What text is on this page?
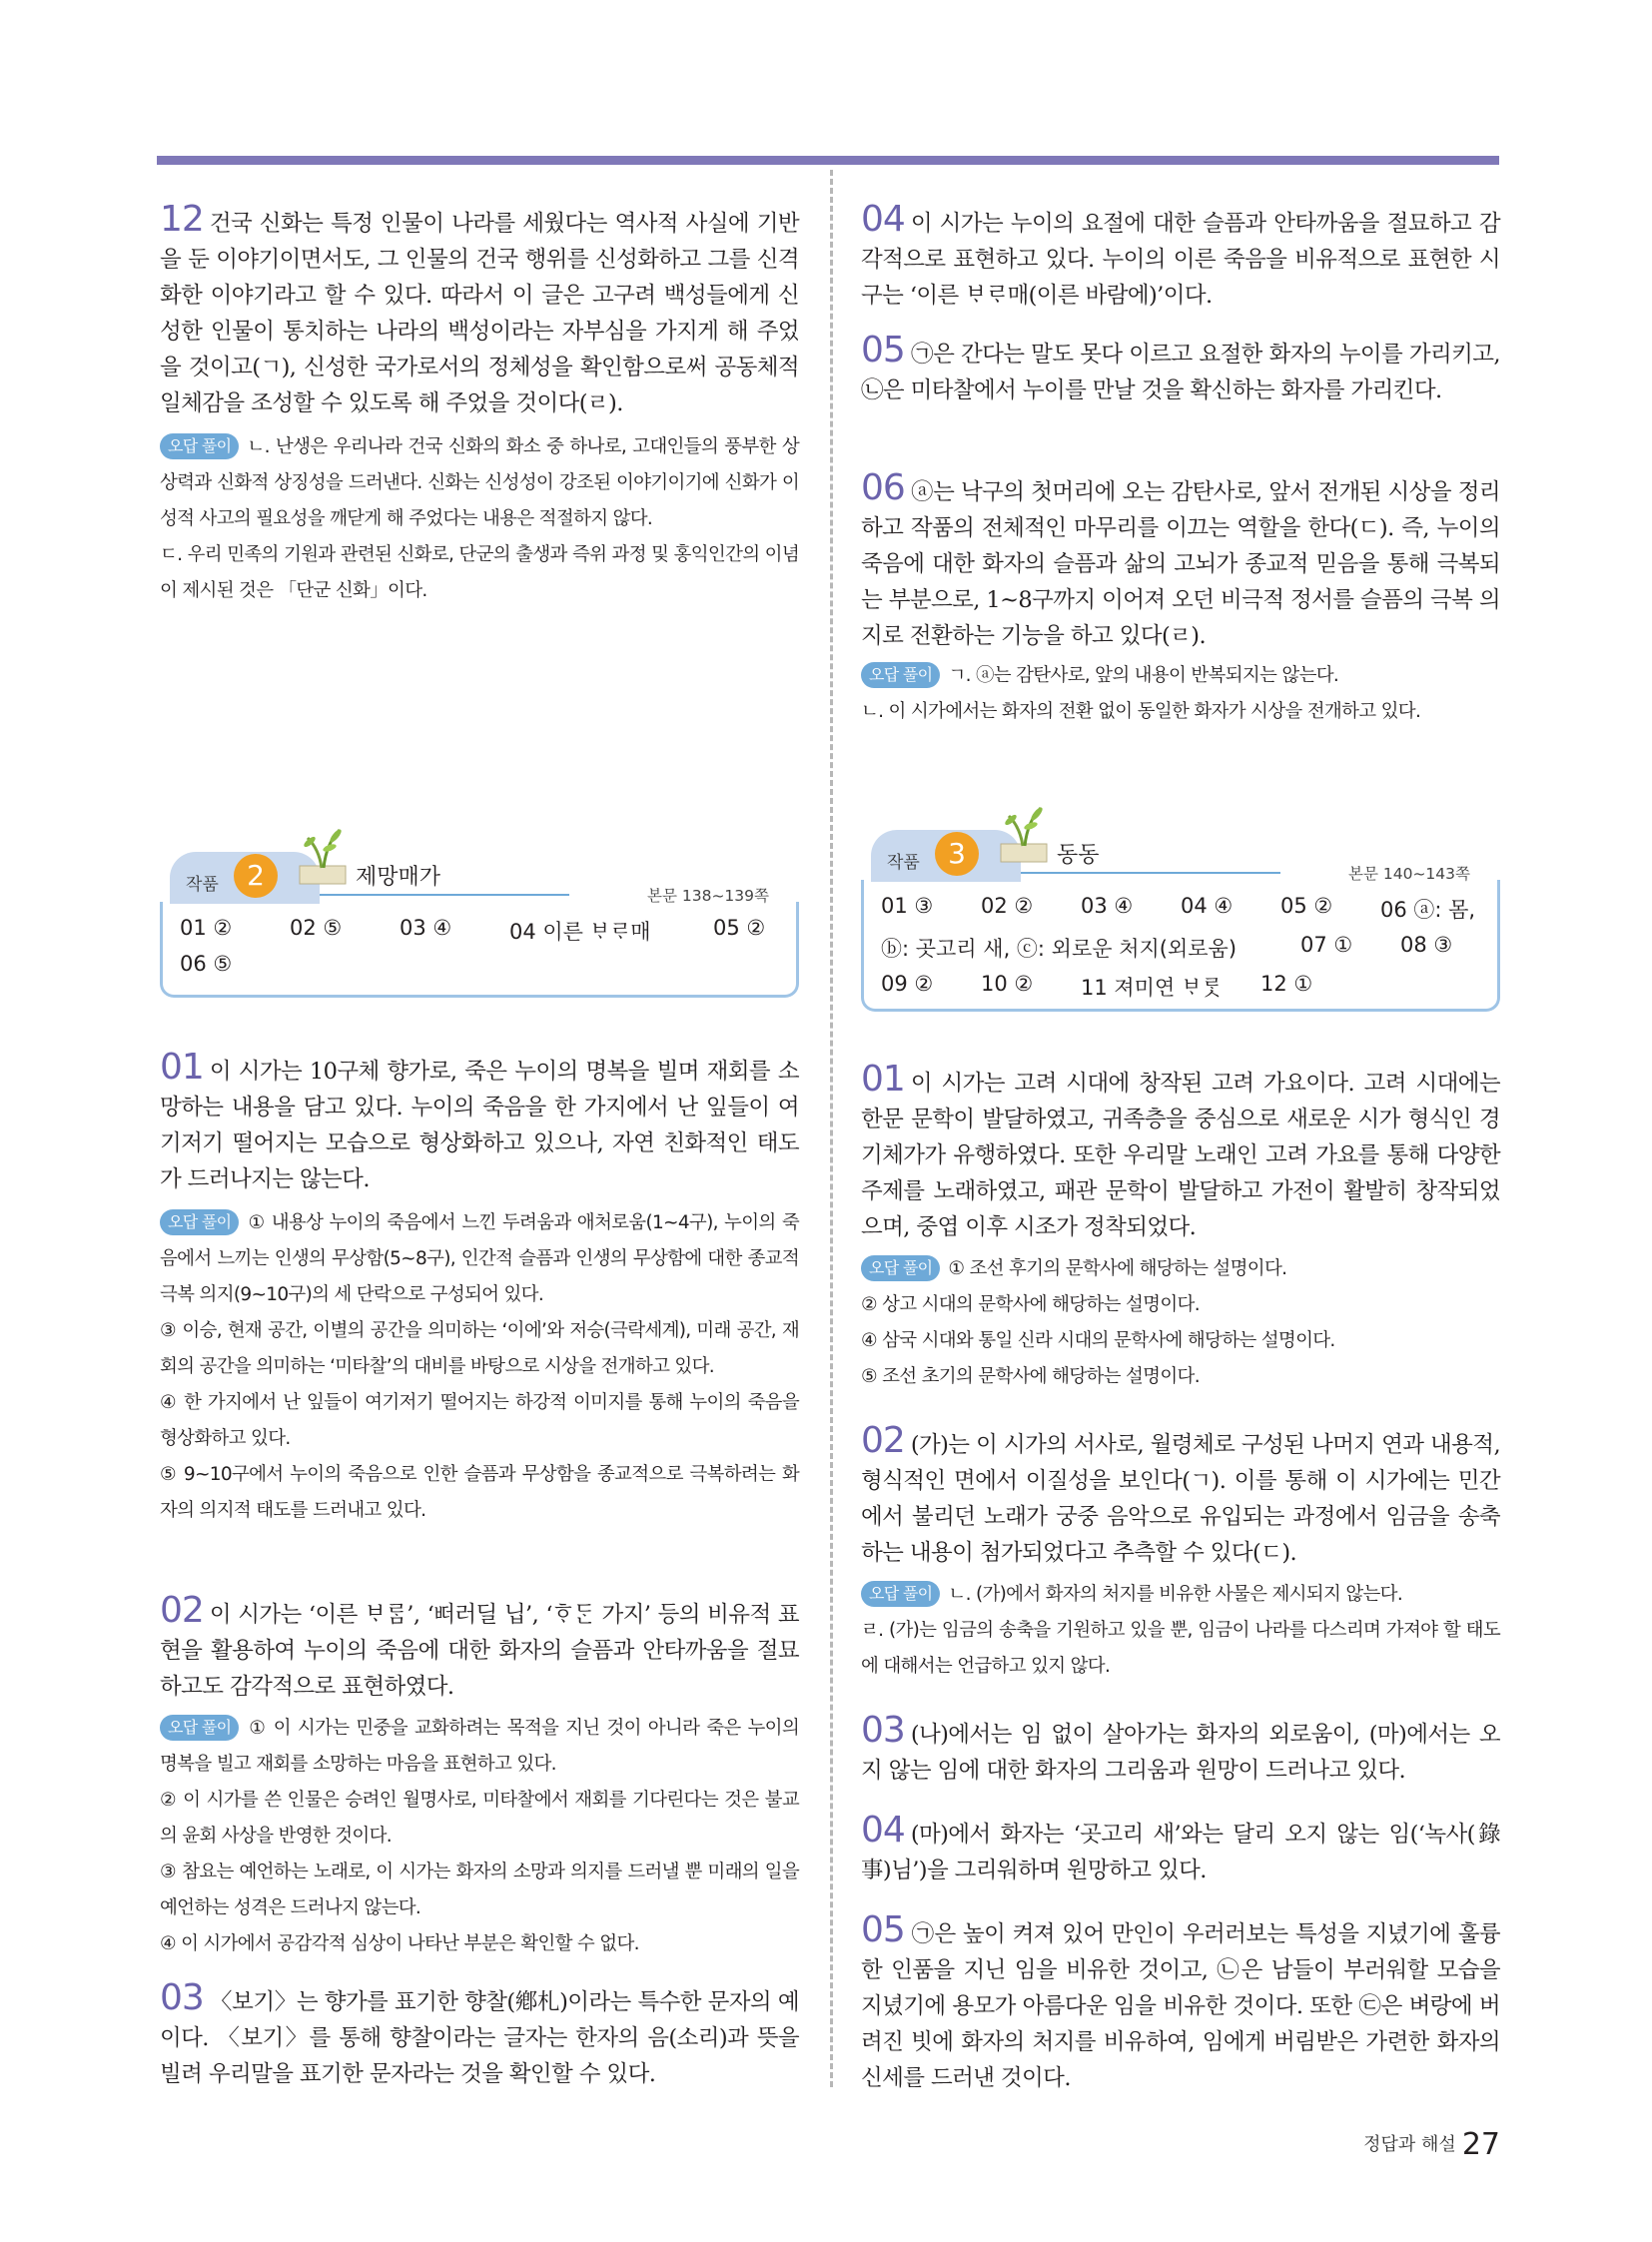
12 건국 신화는 특정 인물이 나라를 세웠다는 역사적 사실에 기반을 둔 이야기이면서도, 그 인물의 건국 행위를 신성화하고 그를 신격화한 이야기라고 할 수 있다. 따라서 이 글은 고구려 백성들에게 신성한 인물이 통치하는 나라의 백성이라는 자부심을 가지게 해 주었을 것이고(ㄱ), 신성한 국가로서의 정체성을 확인함으로써 공동체적 일체감을 조성할 수 있도록 해 주었을 것이다(ㄹ).

오답 풀이 ㄴ. 난생은 우리나라 건국 신화의 화소 중 하나로, 고대인들의 풍부한 상상력과 신화적 상징성을 드러낸다. 신화는 신성성이 강조된 이야기이기에 신화가 이성적 사고의 필요성을 깨닫게 해 주었다는 내용은 적절하지 않다.

ㄷ. 우리 민족의 기원과 관련된 신화로, 단군의 출생과 즉위 과정 및 홍익인간의 이념이 제시된 것은 「단군 신화」이다.

작품	2	제망매가
본문 138~139쪽
01 ②	02 ⑤	03 ④	04 이른 ᄇᆞᄅᆞ매	05 ②
06 ⑤

01 이 시가는 10구체 향가로, 죽은 누이의 명복을 빌며 재회를 소망하는 내용을 담고 있다. 누이의 죽음을 한 가지에서 난 잎들이 여기저기 떨어지는 모습으로 형상화하고 있으나, 자연 친화적인 태도가 드러나지는 않는다.

오답 풀이 ① 내용상 누이의 죽음에서 느낀 두려움과 애처로움(1~4구), 누이의 죽음에서 느끼는 인생의 무상함(5~8구), 인간적 슬픔과 인생의 무상함에 대한 종교적 극복 의지(9~10구)의 세 단락으로 구성되어 있다.

③ 이승, 현재 공간, 이별의 공간을 의미하는 ‘이에’와 저승(극락세계), 미래 공간, 재회의 공간을 의미하는 ‘미타찰’의 대비를 바탕으로 시상을 전개하고 있다.

④ 한 가지에서 난 잎들이 여기저기 떨어지는 하강적 이미지를 통해 누이의 죽음을 형상화하고 있다.

⑤ 9~10구에서 누이의 죽음으로 인한 슬픔과 무상함을 종교적으로 극복하려는 화자의 의지적 태도를 드러내고 있다.

02 이 시가는 ‘이른 ᄇᆞᄅᆞᆷ’, ‘ᄠᅥ러딜 닙’, ‘ᄒᆞᄃᆞᆫ 가지’ 등의 비유적 표현을 활용하여 누이의 죽음에 대한 화자의 슬픔과 안타까움을 절묘하고도 감각적으로 표현하였다.

오답 풀이 ① 이 시가는 민중을 교화하려는 목적을 지닌 것이 아니라 죽은 누이의 명복을 빌고 재회를 소망하는 마음을 표현하고 있다.

② 이 시가를 쓴 인물은 승려인 월명사로, 미타찰에서 재회를 기다린다는 것은 불교의 윤회 사상을 반영한 것이다.

③ 참요는 예언하는 노래로, 이 시가는 화자의 소망과 의지를 드러낼 뿐 미래의 일을 예언하는 성격은 드러나지 않는다.

④ 이 시가에서 공감각적 심상이 나타난 부분은 확인할 수 없다.

03 〈보기〉는 향가를 표기한 향찰(鄕札)이라는 특수한 문자의 예이다. 〈보기〉를 통해 향찰이라는 글자는 한자의 음(소리)과 뜻을 빌려 우리말을 표기한 문자라는 것을 확인할 수 있다.

04 이 시가는 누이의 요절에 대한 슬픔과 안타까움을 절묘하고 감각적으로 표현하고 있다. 누이의 이른 죽음을 비유적으로 표현한 시구는 ‘이른 ᄇᆞᄅᆞ매(이른 바람에)’이다.

05 ㉠은 간다는 말도 못다 이르고 요절한 화자의 누이를 가리키고, ㉡은 미타찰에서 누이를 만날 것을 확신하는 화자를 가리킨다.

06 ⓐ는 낙구의 첫머리에 오는 감탄사로, 앞서 전개된 시상을 정리하고 작품의 전체적인 마무리를 이끄는 역할을 한다(ㄷ). 즉, 누이의 죽음에 대한 화자의 슬픔과 삶의 고뇌가 종교적 믿음을 통해 극복되는 부분으로, 1~8구까지 이어져 오던 비극적 정서를 슬픔의 극복 의지로 전환하는 기능을 하고 있다(ㄹ).

오답 풀이 ㄱ. ⓐ는 감탄사로, 앞의 내용이 반복되지는 않는다.

ㄴ. 이 시가에서는 화자의 전환 없이 동일한 화자가 시상을 전개하고 있다.

작품	3	동동
본문 140~143쪽
01 ③ 02 ② 03 ④ 04 ④ 05 ② 06 ⓐ: 몸,
ⓑ: 곳고리 새, ⓒ: 외로운 처지(외로움)	07 ① 08 ③
09 ② 10 ② 11 져미연 ᄇᆞᄅᆞᆺ 12 ①

01 이 시가는 고려 시대에 창작된 고려 가요이다. 고려 시대에는 한문 문학이 발달하였고, 귀족층을 중심으로 새로운 시가 형식인 경기체가가 유행하였다. 또한 우리말 노래인 고려 가요를 통해 다양한 주제를 노래하였고, 패관 문학이 발달하고 가전이 활발히 창작되었으며, 중엽 이후 시조가 정착되었다.

오답 풀이 ① 조선 후기의 문학사에 해당하는 설명이다.

② 상고 시대의 문학사에 해당하는 설명이다.

④ 삼국 시대와 통일 신라 시대의 문학사에 해당하는 설명이다.

⑤ 조선 초기의 문학사에 해당하는 설명이다.

02 (가)는 이 시가의 서사로, 월령체로 구성된 나머지 연과 내용적, 형식적인 면에서 이질성을 보인다(ㄱ). 이를 통해 이 시가에는 민간에서 불리던 노래가 궁중 음악으로 유입되는 과정에서 임금을 송축하는 내용이 첨가되었다고 추측할 수 있다(ㄷ).

오답 풀이 ㄴ. (가)에서 화자의 처지를 비유한 사물은 제시되지 않는다.

ㄹ. (가)는 임금의 송축을 기원하고 있을 뿐, 임금이 나라를 다스리며 가져야 할 태도에 대해서는 언급하고 있지 않다.

03 (나)에서는 임 없이 살아가는 화자의 외로움이, (마)에서는 오지 않는 임에 대한 화자의 그리움과 원망이 드러나고 있다.

04 (마)에서 화자는 ‘곳고리 새’와는 달리 오지 않는 임(‘녹사(錄事)님’)을 그리워하며 원망하고 있다.

05 ㉠은 높이 켜져 있어 만인이 우러러보는 특성을 지녔기에 훌륭한 인품을 지닌 임을 비유한 것이고, ㉡은 남들이 부러워할 모습을 지녔기에 용모가 아름다운 임을 비유한 것이다. 또한 ㉢은 벼랑에 버려진 빗에 화자의 처지를 비유하여, 임에게 버림받은 가련한 화자의 신세를 드러낸 것이다.

정답과 해설 27
